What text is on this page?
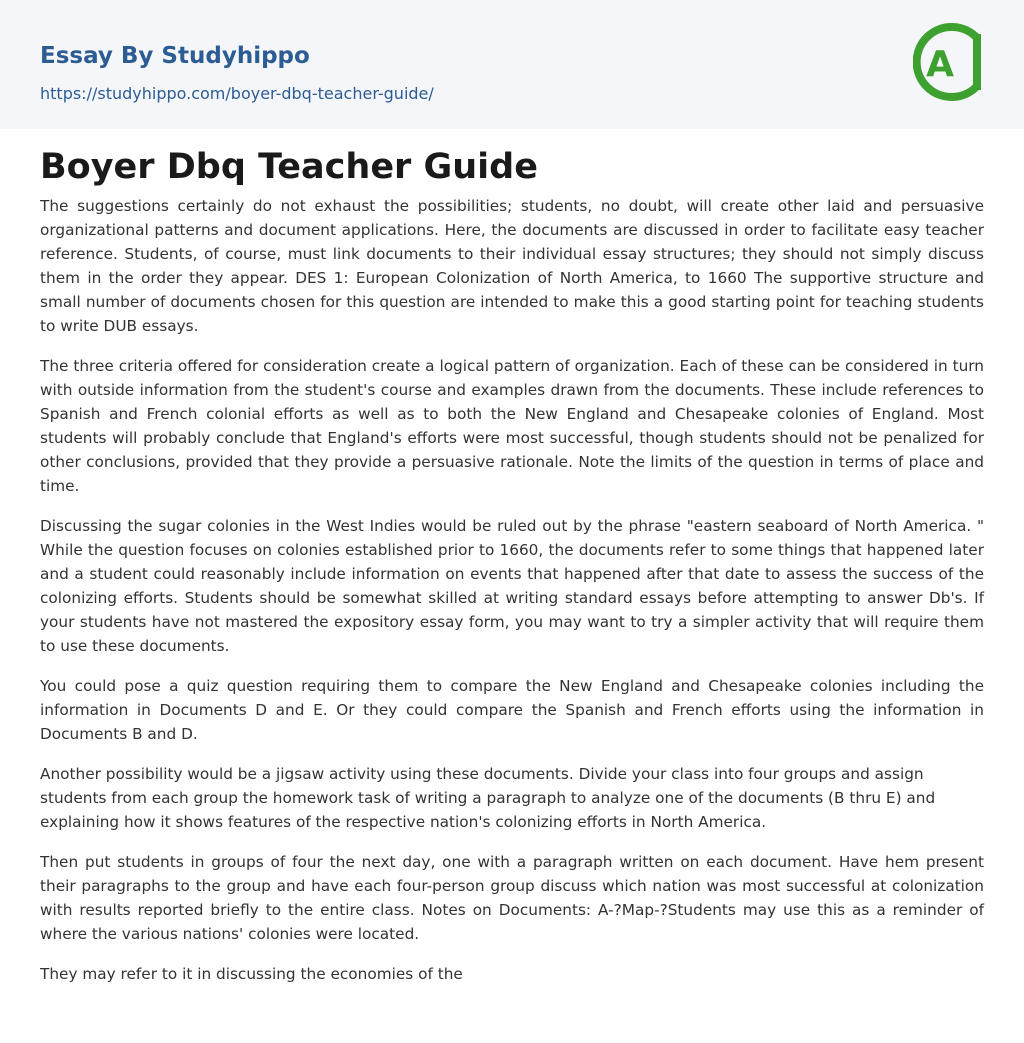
Essay By Studyhippo
https://studyhippo.com/boyer-dbq-teacher-guide/
A
Boyer Dbq Teacher Guide

The suggestions certainly do not exhaust the possibilities; students, no doubt, will create other laid and persuasive organizational patterns and document applications. Here, the documents are discussed in order to facilitate easy teacher reference. Students, of course, must link documents to their individual essay structures; they should not simply discuss them in the order they appear. DES 1: European Colonization of North America, to 1660 The supportive structure and small number of documents chosen for this question are intended to make this a good starting point for teaching students to write DUB essays.

The three criteria offered for consideration create a logical pattern of organization. Each of these can be considered in turn with outside information from the student's course and examples drawn from the documents. These include references to Spanish and French colonial efforts as well as to both the New England and Chesapeake colonies of England. Most students will probably conclude that England's efforts were most successful, though students should not be penalized for other conclusions, provided that they provide a persuasive rationale. Note the limits of the question in terms of place and time.

Discussing the sugar colonies in the West Indies would be ruled out by the phrase "eastern seaboard of North America. " While the question focuses on colonies established prior to 1660, the documents refer to some things that happened later and a student could reasonably include information on events that happened after that date to assess the success of the colonizing efforts. Students should be somewhat skilled at writing standard essays before attempting to answer Db's. If your students have not mastered the expository essay form, you may want to try a simpler activity that will require them to use these documents.

You could pose a quiz question requiring them to compare the New England and Chesapeake colonies including the information in Documents D and E. Or they could compare the Spanish and French efforts using the information in Documents B and D.

Another possibility would be a jigsaw activity using these documents. Divide your class into four groups and assign students from each group the homework task of writing a paragraph to analyze one of the documents (B thru E) and explaining how it shows features of the respective nation's colonizing efforts in North America.

Then put students in groups of four the next day, one with a paragraph written on each document. Have hem present their paragraphs to the group and have each four-person group discuss which nation was most successful at colonization with results reported briefly to the entire class. Notes on Documents: A-?Map-?Students may use this as a reminder of where the various nations' colonies were located.

They may refer to it in discussing the economies of the
